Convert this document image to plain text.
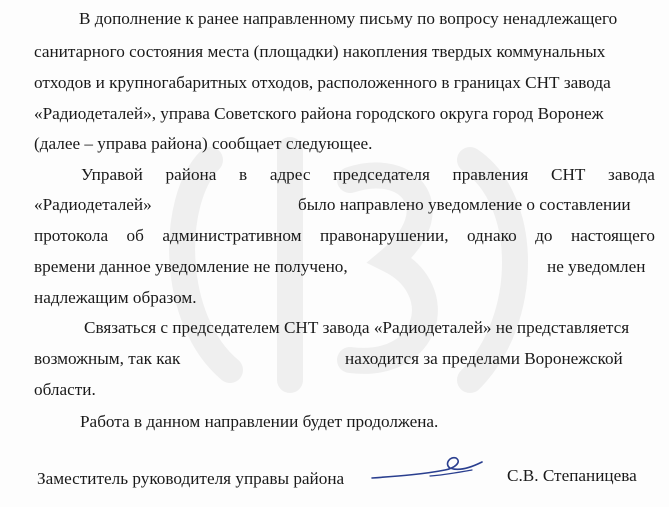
В дополнение к ранее направленному письму по вопросу ненадлежащего
санитарного состояния места (площадки) накопления твердых коммунальных
отходов и крупногабаритных отходов, расположенного в границах СНТ завода
«Радиодеталей», управа Советского района городского округа город Воронеж
(далее – управа района) сообщает следующее.
Управой района в адрес председателя правления СНТ завода
«Радиодеталей»	было направлено уведомление о составлении
протокола об административном правонарушении, однако до настоящего
времени данное уведомление не получено,	не уведомлен
надлежащим образом.
Связаться с председателем СНТ завода «Радиодеталей» не представляется
возможным, так как	находится за пределами Воронежской
области.
Работа в данном направлении будет продолжена.
Заместитель руководителя управы района	С.В. Степаницева
